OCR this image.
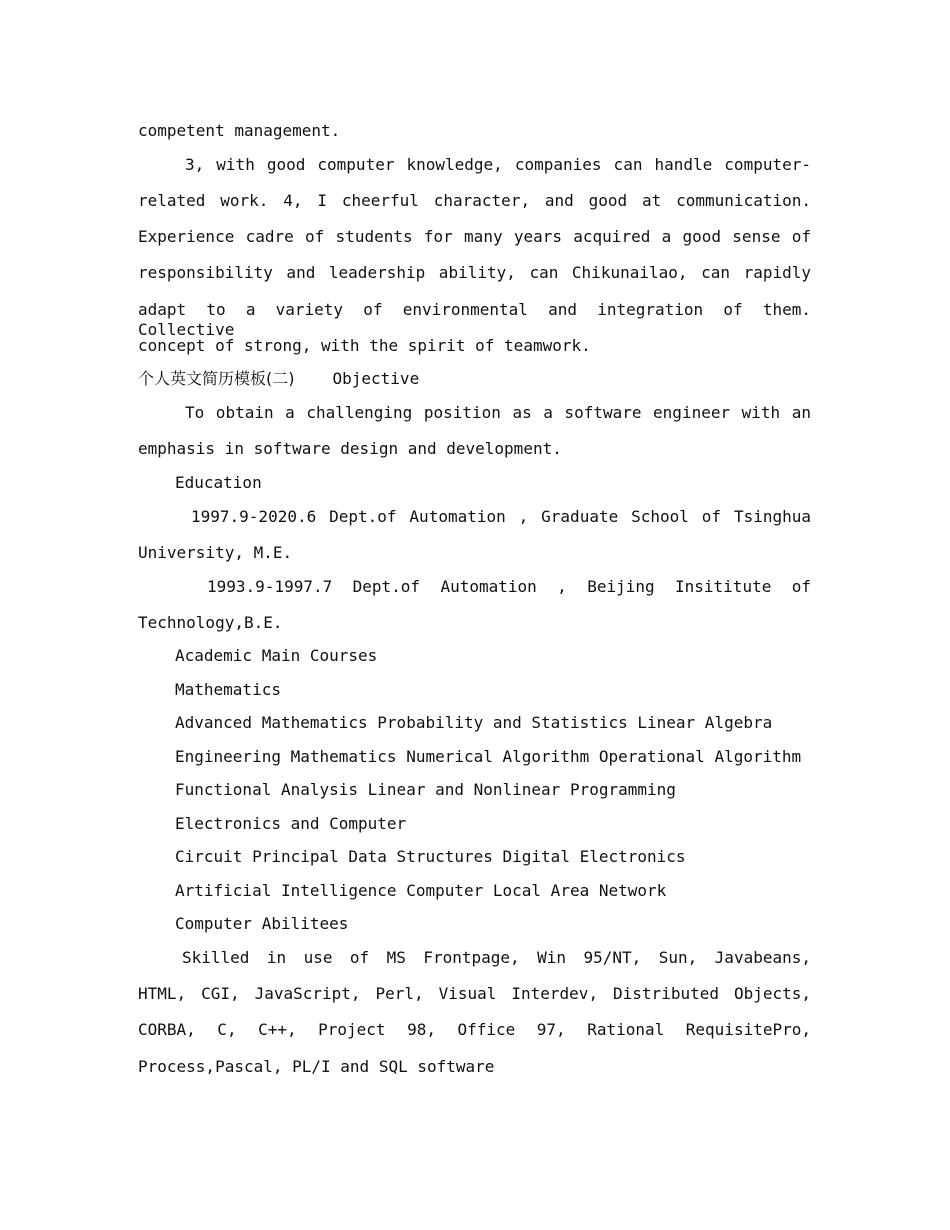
competent management.
3, with good computer knowledge, companies can handle computer-
related work. 4, I cheerful character, and good at communication.
Experience cadre of students for many years acquired a good sense of
responsibility and leadership ability, can Chikunailao, can rapidly
adapt to a variety of environmental and integration of them. Collective
concept of strong, with the spirit of teamwork.
个人英文简历模板(二) Objective
To obtain a challenging position as a software engineer with an
emphasis in software design and development.
Education
1997.9-2020.6 Dept.of Automation , Graduate School of Tsinghua
University, M.E.
1993.9-1997.7 Dept.of Automation , Beijing Insititute of
Technology,B.E.
Academic Main Courses
Mathematics
Advanced Mathematics Probability and Statistics Linear Algebra
Engineering Mathematics Numerical Algorithm Operational Algorithm
Functional Analysis Linear and Nonlinear Programming
Electronics and Computer
Circuit Principal Data Structures Digital Electronics
Artificial Intelligence Computer Local Area Network
Computer Abilitees
Skilled in use of MS Frontpage, Win 95/NT, Sun, Javabeans,
HTML, CGI, JavaScript, Perl, Visual Interdev, Distributed Objects,
CORBA, C, C++, Project 98, Office 97, Rational RequisitePro,
Process,Pascal, PL/I and SQL software
